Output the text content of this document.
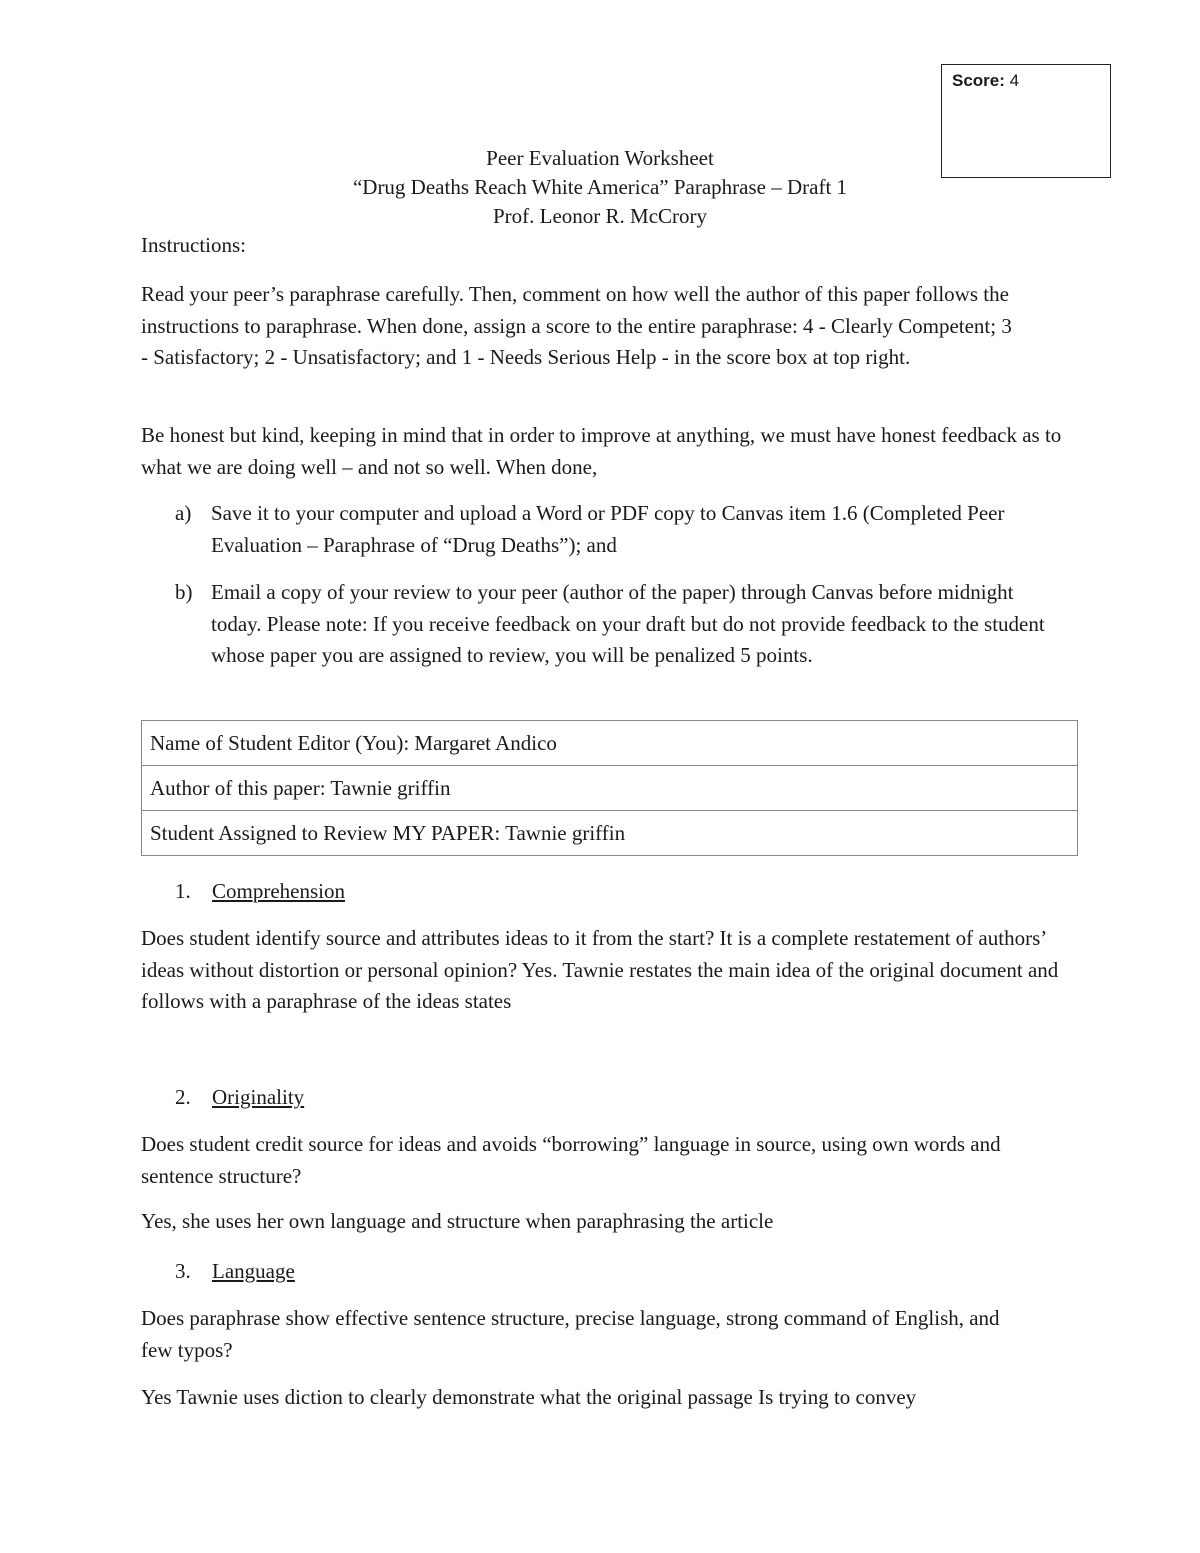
Score: 4
Peer Evaluation Worksheet
“Drug Deaths Reach White America” Paraphrase – Draft 1
Prof. Leonor R. McCrory
Instructions:
Read your peer’s paraphrase carefully. Then, comment on how well the author of this paper follows the instructions to paraphrase. When done, assign a score to the entire paraphrase: 4 - Clearly Competent; 3 - Satisfactory; 2 - Unsatisfactory; and 1 - Needs Serious Help - in the score box at top right.
Be honest but kind, keeping in mind that in order to improve at anything, we must have honest feedback as to what we are doing well – and not so well. When done,
a) Save it to your computer and upload a Word or PDF copy to Canvas item 1.6 (Completed Peer Evaluation – Paraphrase of “Drug Deaths”); and
b) Email a copy of your review to your peer (author of the paper) through Canvas before midnight today. Please note: If you receive feedback on your draft but do not provide feedback to the student whose paper you are assigned to review, you will be penalized 5 points.
Name of Student Editor (You): Margaret Andico
Author of this paper: Tawnie griffin
Student Assigned to Review MY PAPER: Tawnie griffin
1. Comprehension
Does student identify source and attributes ideas to it from the start? It is a complete restatement of authors’ ideas without distortion or personal opinion? Yes. Tawnie restates the main idea of the original document and follows with a paraphrase of the ideas states
2. Originality
Does student credit source for ideas and avoids “borrowing” language in source, using own words and sentence structure?
Yes, she uses her own language and structure when paraphrasing the article
3. Language
Does paraphrase show effective sentence structure, precise language, strong command of English, and few typos?
Yes Tawnie uses diction to clearly demonstrate what the original passage Is trying to convey
